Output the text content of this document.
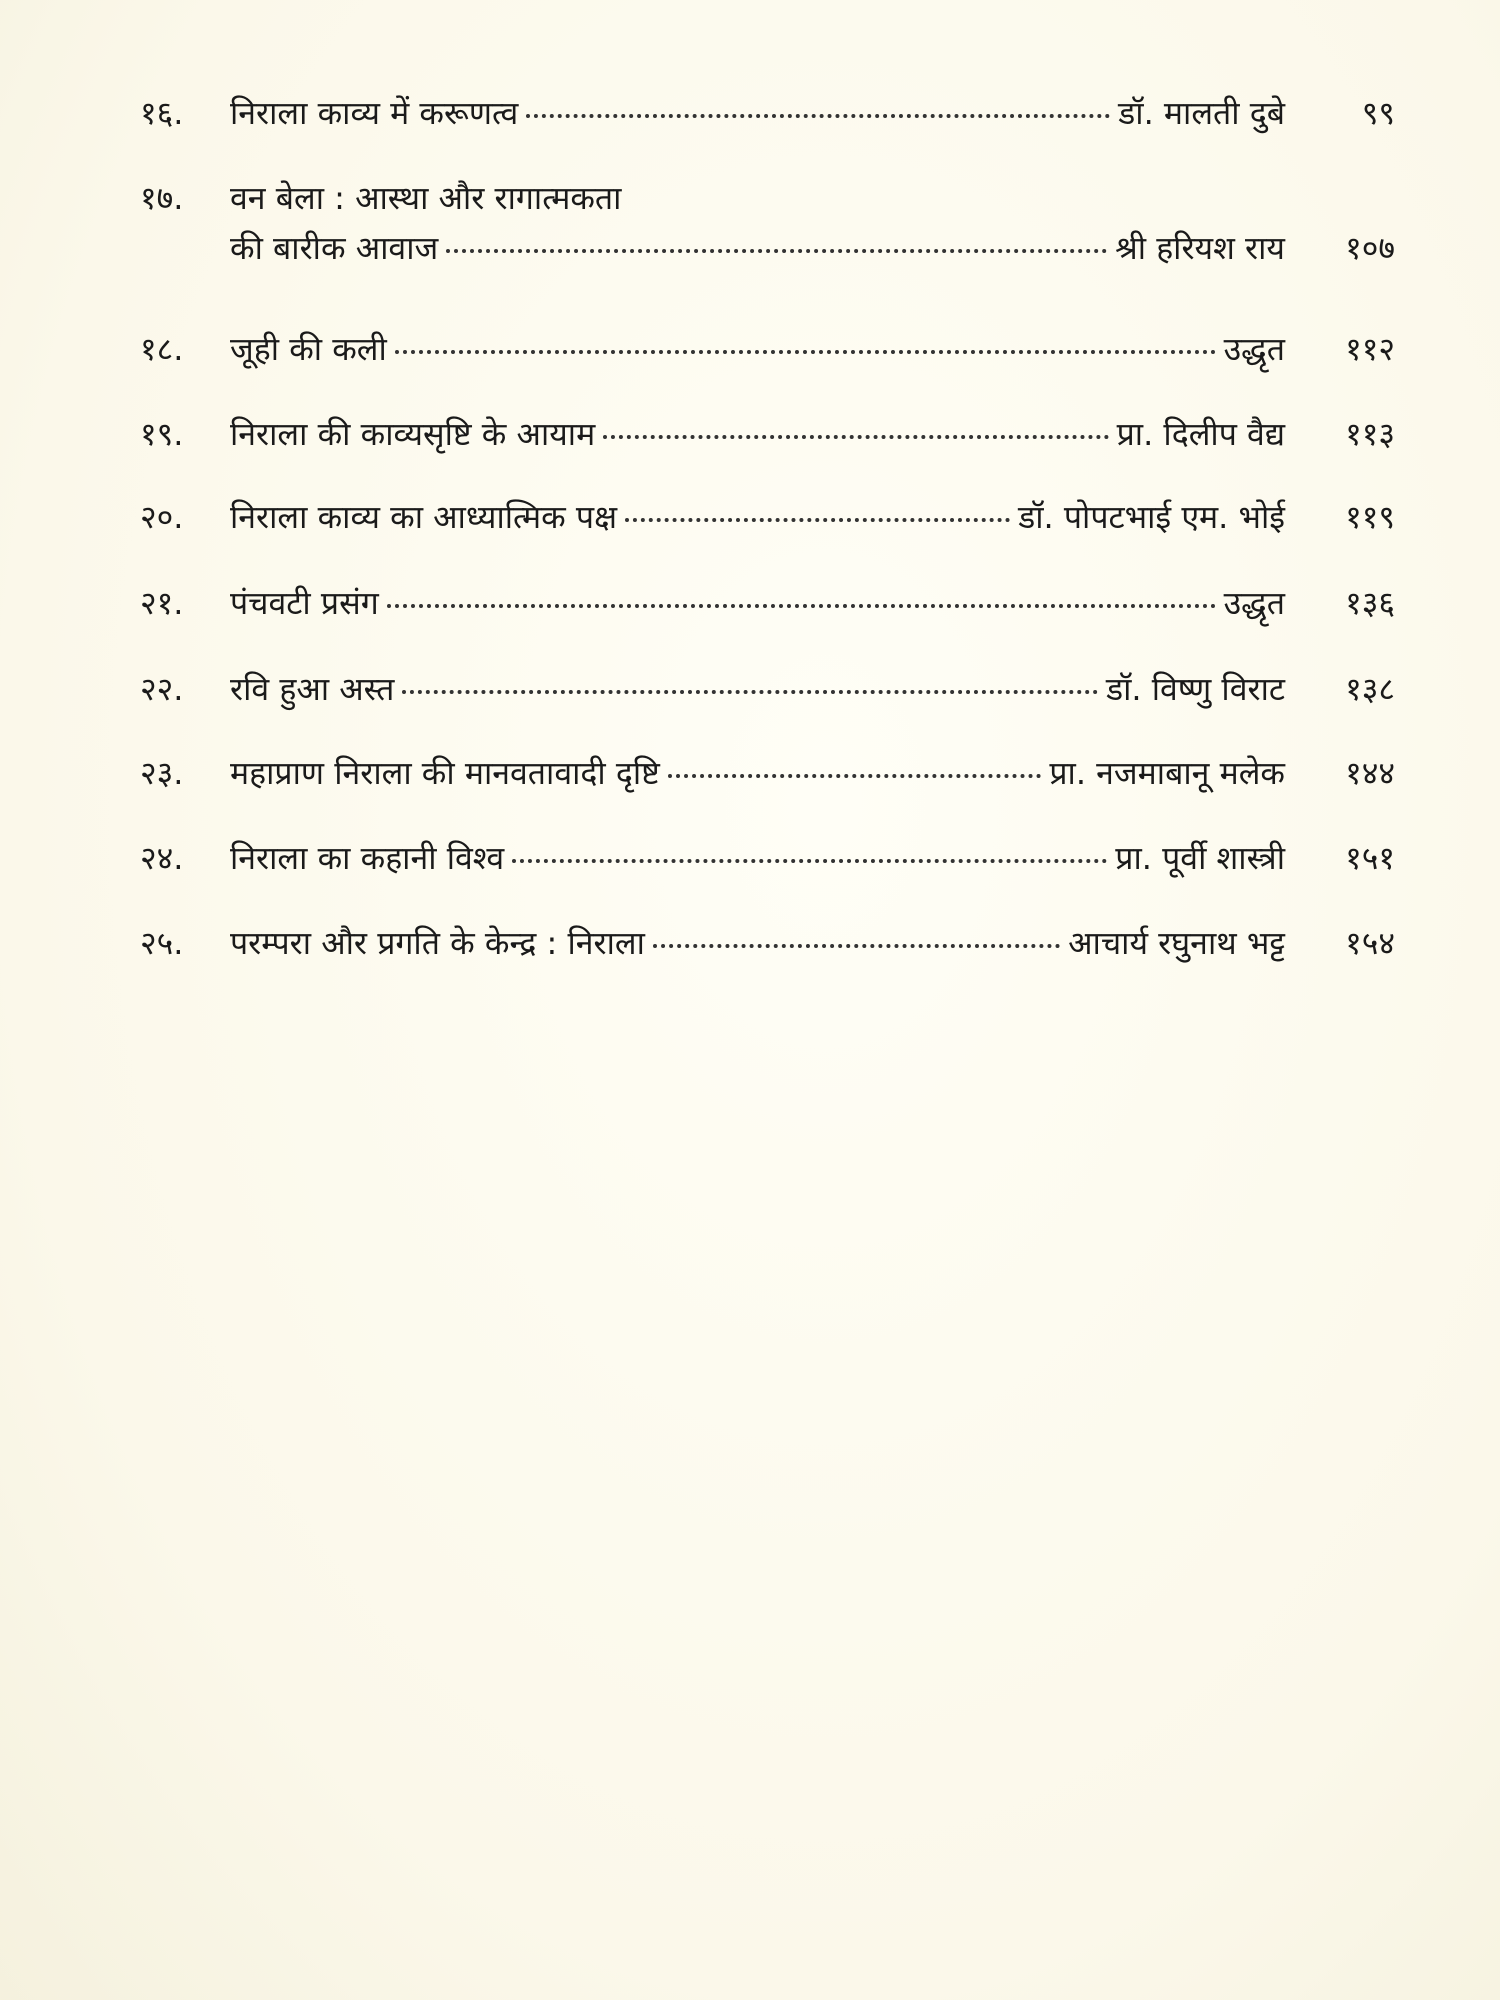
१६.	निराला काव्य में करूणत्व	डॉ. मालती दुबे	९९
१७.	वन बेला : आस्था और रागात्मकता
की बारीक आवाज	श्री हरियश राय	१०७
१८.	जूही की कली	उद्धृत	११२
१९.	निराला की काव्यसृष्टि के आयाम	प्रा. दिलीप वैद्य	११३
२०.	निराला काव्य का आध्यात्मिक पक्ष	डॉ. पोपटभाई एम. भोई	११९
२१.	पंचवटी प्रसंग	उद्धृत	१३६
२२.	रवि हुआ अस्त	डॉ. विष्णु विराट	१३८
२३.	महाप्राण निराला की मानवतावादी दृष्टि	प्रा. नजमाबानू मलेक	१४४
२४.	निराला का कहानी विश्व	प्रा. पूर्वी शास्त्री	१५१
२५.	परम्परा और प्रगति के केन्द्र : निराला	आचार्य रघुनाथ भट्ट	१५४
